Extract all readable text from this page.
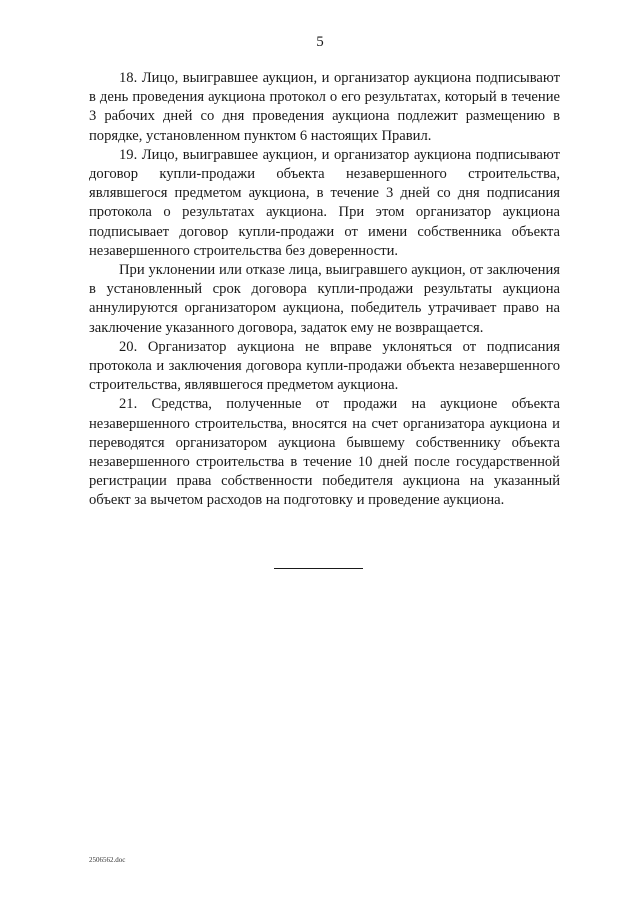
5

18. Лицо, выигравшее аукцион, и организатор аукциона подписывают в день проведения аукциона протокол о его результатах, который в течение 3 рабочих дней со дня проведения аукциона подлежит размещению в порядке, установленном пунктом 6 настоящих Правил.

19. Лицо, выигравшее аукцион, и организатор аукциона подписывают договор купли-продажи объекта незавершенного строительства, являвшегося предметом аукциона, в течение 3 дней со дня подписания протокола о результатах аукциона. При этом организатор аукциона подписывает договор купли-продажи от имени собственника объекта незавершенного строительства без доверенности.

При уклонении или отказе лица, выигравшего аукцион, от заключения в установленный срок договора купли-продажи результаты аукциона аннулируются организатором аукциона, победитель утрачивает право на заключение указанного договора, задаток ему не возвращается.

20. Организатор аукциона не вправе уклоняться от подписания протокола и заключения договора купли-продажи объекта незавершенного строительства, являвшегося предметом аукциона.

21. Средства, полученные от продажи на аукционе объекта незавершенного строительства, вносятся на счет организатора аукциона и переводятся организатором аукциона бывшему собственнику объекта незавершенного строительства в течение 10 дней после государственной регистрации права собственности победителя аукциона на указанный объект за вычетом расходов на подготовку и проведение аукциона.

2506562.doc
